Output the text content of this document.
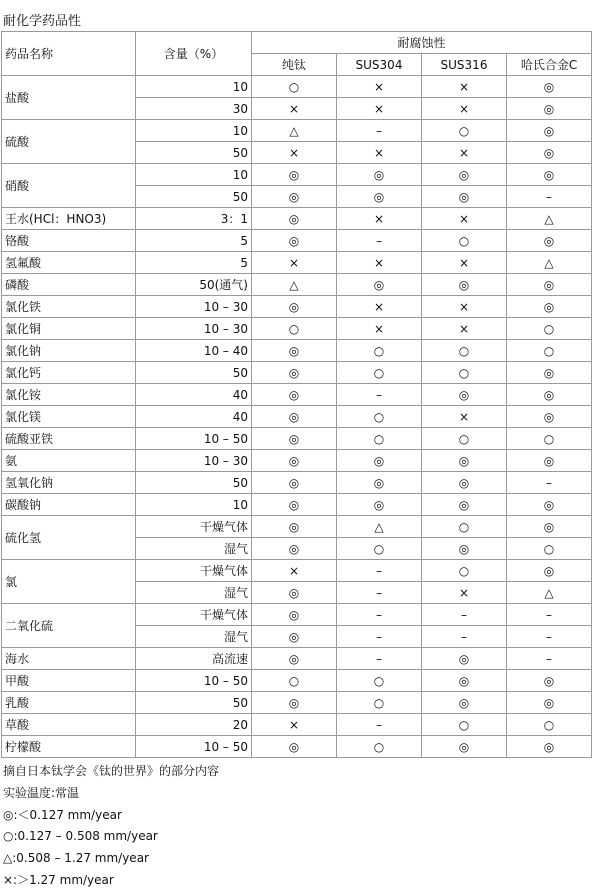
耐化学药品性
药品名称	含量（%）	耐腐蚀性			
		纯钛	SUS304	SUS316	哈氏合金C
盐酸	10	○	×	×	◎
	30	×	×	×	◎
硫酸	10	△	–	○	◎
	50	×	×	×	◎
硝酸	10	◎	◎	◎	◎
	50	◎	◎	◎	–
王水(HCl：HNO3)	3：1	◎	×	×	△
铬酸	5	◎	–	○	◎
氢氟酸	5	×	×	×	△
磷酸	50(通气)	△	◎	◎	◎
氯化铁	10 – 30	◎	×	×	◎
氯化铜	10 – 30	○	×	×	○
氯化钠	10 – 40	◎	○	○	○
氯化钙	50	◎	○	○	◎
氯化铵	40	◎	–	◎	◎
氯化镁	40	◎	○	×	◎
硫酸亚铁	10 – 50	◎	○	○	○
氨	10 – 30	◎	◎	◎	◎
氢氧化钠	50	◎	◎	◎	–
碳酸钠	10	◎	◎	◎	◎
硫化氢	干燥气体	◎	△	○	◎
	湿气	◎	○	◎	○
氯	干燥气体	×	–	○	◎
	湿气	◎	–	×	△
二氧化硫	干燥气体	◎	–	–	–
	湿气	◎	–	–	–
海水	高流速	◎	–	◎	–
甲酸	10 – 50	○	○	◎	◎
乳酸	50	◎	○	◎	◎
草酸	20	×	–	○	○
柠檬酸	10 – 50	◎	○	◎	◎
摘自日本钛学会《钛的世界》的部分内容
实验温度:常温
◎:＜0.127 mm/year
○:0.127 – 0.508 mm/year
△:0.508 – 1.27 mm/year
×:＞1.27 mm/year
